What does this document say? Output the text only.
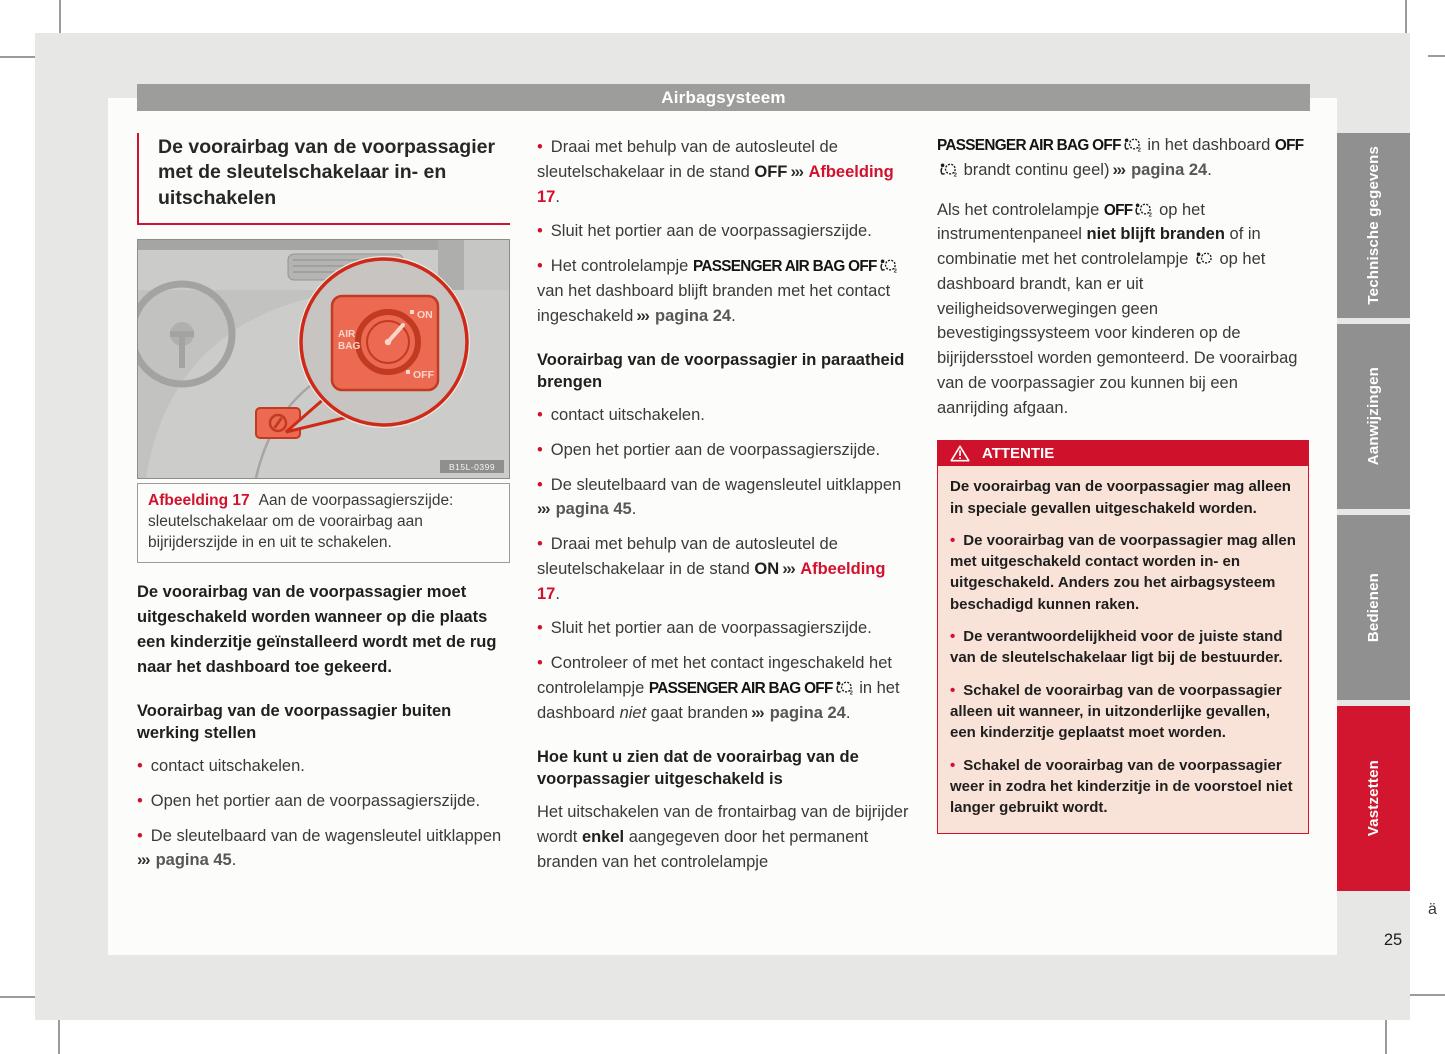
Airbagsysteem
De voorairbag van de voorpassagier met de sleutelschakelaar in- en uitschakelen
AIR
BAG
ON
OFF
B15L-0399
Afbeelding 17 Aan de voorpassagierszijde: sleutelschakelaar om de voorairbag aan bijrijderszijde in en uit te schakelen.

De voorairbag van de voorpassagier moet uitgeschakeld worden wanneer op die plaats een kinderzitje geïnstalleerd wordt met de rug naar het dashboard toe gekeerd.

Voorairbag van de voorpassagier buiten werking stellen

• contact uitschakelen.

• Open het portier aan de voorpassagierszijde.

• De sleutelbaard van de wagensleutel uitklappen ››› pagina 45.

• Draai met behulp van de autosleutel de sleutelschakelaar in de stand OFF ››› Afbeelding 17.

• Sluit het portier aan de voorpassagierszijde.

• Het controlelampje PASSENGER AIR BAG OFF	2
van het dashboard blijft branden met het contact ingeschakeld ››› pagina 24.

Voorairbag van de voorpassagier in paraatheid brengen

• contact uitschakelen.

• Open het portier aan de voorpassagierszijde.

• De sleutelbaard van de wagensleutel uitklappen ››› pagina 45.

• Draai met behulp van de autosleutel de sleutelschakelaar in de stand ON ››› Afbeelding 17.

• Sluit het portier aan de voorpassagierszijde.

• Controleer of met het contact ingeschakeld het controlelampje PASSENGER AIR BAG OFF	2 in het dashboard niet gaat branden ››› pagina 24.

Hoe kunt u zien dat de voorairbag van de voorpassagier uitgeschakeld is

Het uitschakelen van de frontairbag van de bijrijder wordt enkel aangegeven door het permanent branden van het controlelampje

PASSENGER AIR BAG OFF	2 in het dashboard OFF
2 brandt continu geel) ››› pagina 24.

Als het controlelampje OFF	2 op het instrumentenpaneel niet blijft branden of in combinatie met het controlelampje  op het dashboard brandt, kan er uit veiligheidsoverwegingen geen bevestigingssysteem voor kinderen op de bijrijdersstoel worden gemonteerd. De voorairbag van de voorpassagier zou kunnen bij een aanrijding afgaan.

ATTENTIE

De voorairbag van de voorpassagier mag alleen in speciale gevallen uitgeschakeld worden.

• De voorairbag van de voorpassagier mag allen met uitgeschakeld contact worden in- en uitgeschakeld. Anders zou het airbagsysteem beschadigd kunnen raken.

• De verantwoordelijkheid voor de juiste stand van de sleutelschakelaar ligt bij de bestuurder.

• Schakel de voorairbag van de voorpassagier alleen uit wanneer, in uitzonderlijke gevallen, een kinderzitje geplaatst moet worden.

• Schakel de voorairbag van de voorpassagier weer in zodra het kinderzitje in de voorstoel niet langer gebruikt wordt.

Technische gegevens
Aanwijzingen
Bedienen
Vastzetten
25
ä
